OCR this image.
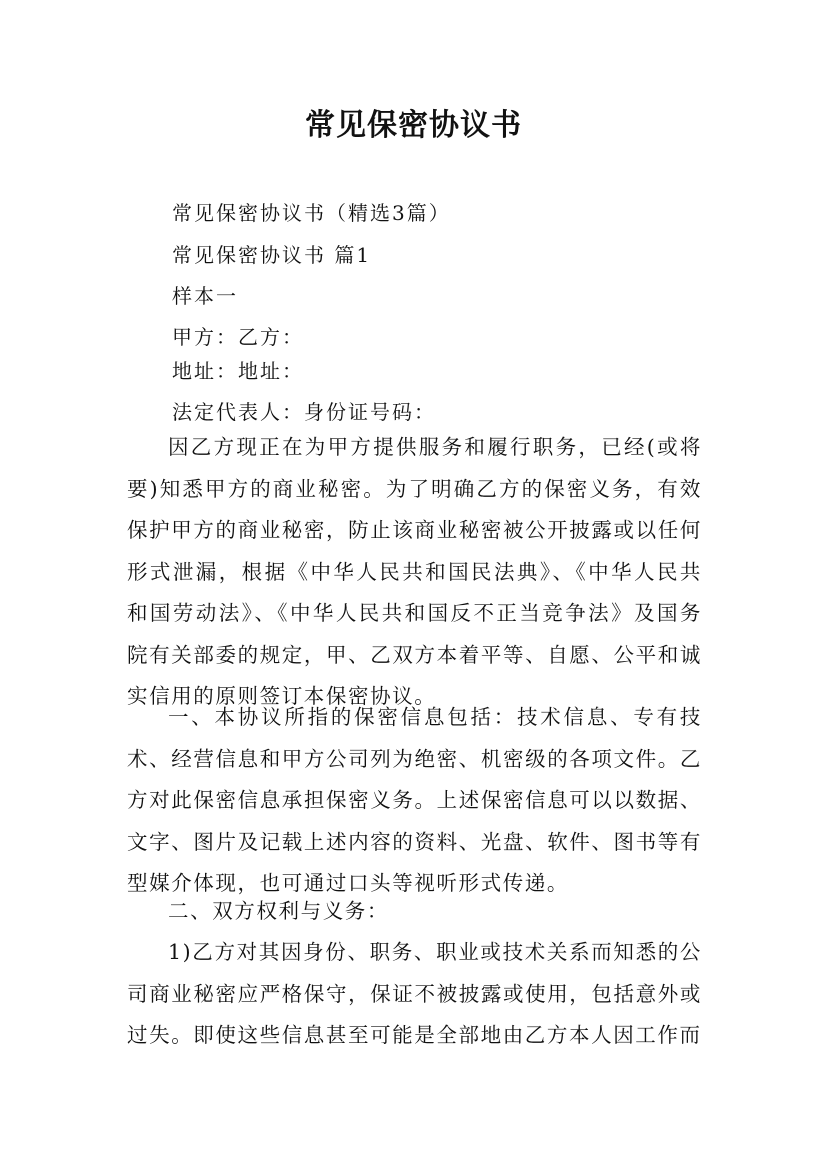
常见保密协议书
常见保密协议书（精选3篇）
常见保密协议书 篇1
样本一
甲方：乙方：
地址：地址：
法定代表人：身份证号码：

因乙方现正在为甲方提供服务和履行职务，已经(或将要)知悉甲方的商业秘密。为了明确乙方的保密义务，有效保护甲方的商业秘密，防止该商业秘密被公开披露或以任何形式泄漏，根据《中华人民共和国民法典》、《中华人民共和国劳动法》、《中华人民共和国反不正当竞争法》及国务院有关部委的规定，甲、乙双方本着平等、自愿、公平和诚实信用的原则签订本保密协议。

一、本协议所指的保密信息包括：技术信息、专有技术、经营信息和甲方公司列为绝密、机密级的各项文件。乙方对此保密信息承担保密义务。上述保密信息可以以数据、文字、图片及记载上述内容的资料、光盘、软件、图书等有型媒介体现，也可通过口头等视听形式传递。

二、双方权利与义务：

1)乙方对其因身份、职务、职业或技术关系而知悉的公司商业秘密应严格保守，保证不被披露或使用，包括意外或过失。即使这些信息甚至可能是全部地由乙方本人因工作而
